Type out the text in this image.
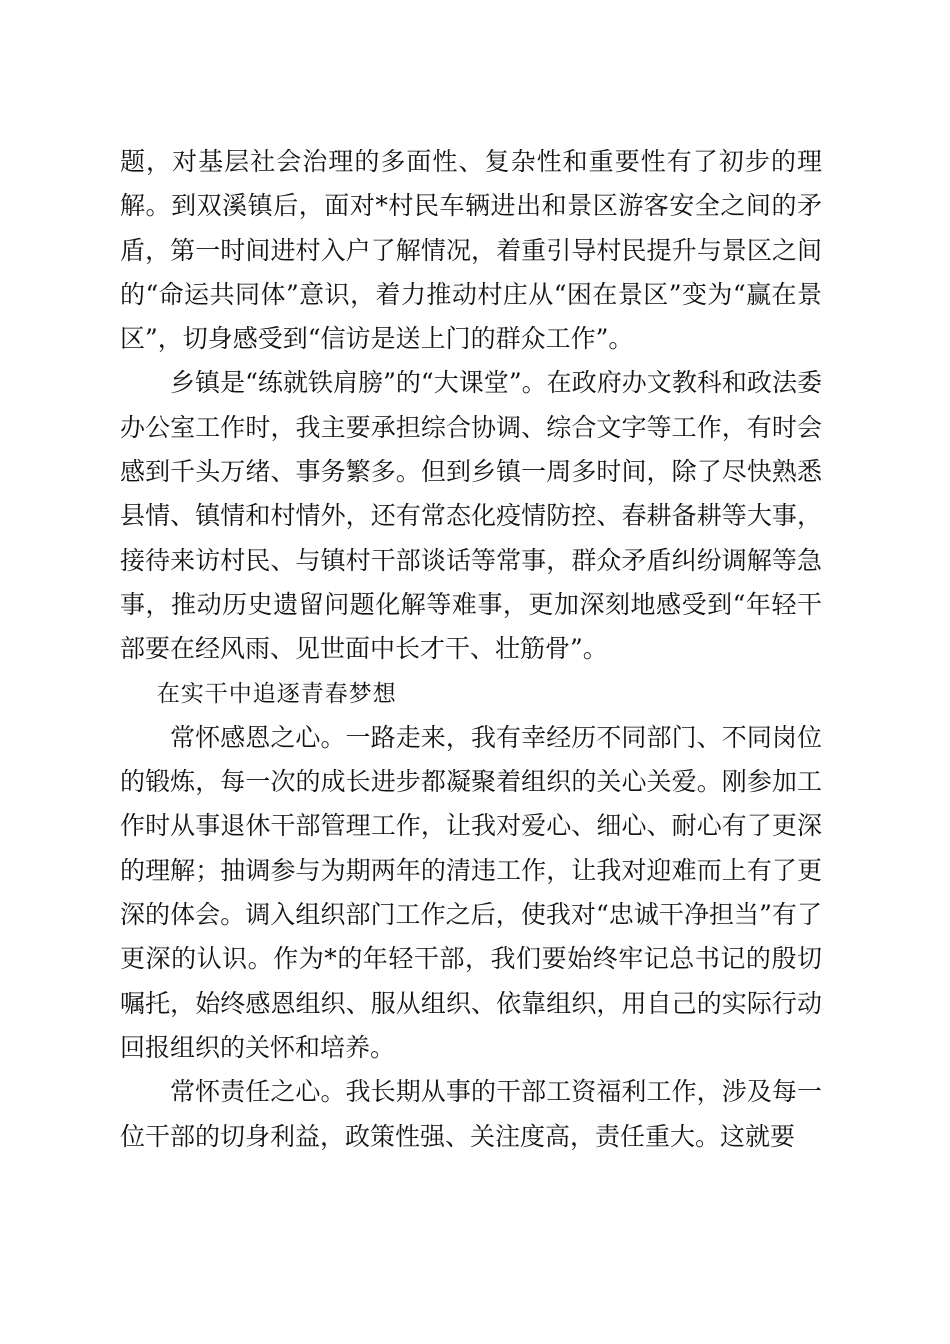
题，对基层社会治理的多面性、复杂性和重要性有了初步的理解。到双溪镇后，面对*村民车辆进出和景区游客安全之间的矛盾，第一时间进村入户了解情况，着重引导村民提升与景区之间的“命运共同体”意识，着力推动村庄从“困在景区”变为“赢在景区”，切身感受到“信访是送上门的群众工作”。

乡镇是“练就铁肩膀”的“大课堂”。在政府办文教科和政法委办公室工作时，我主要承担综合协调、综合文字等工作，有时会感到千头万绪、事务繁多。但到乡镇一周多时间，除了尽快熟悉县情、镇情和村情外，还有常态化疫情防控、春耕备耕等大事，接待来访村民、与镇村干部谈话等常事，群众矛盾纠纷调解等急事，推动历史遗留问题化解等难事，更加深刻地感受到“年轻干部要在经风雨、见世面中长才干、壮筋骨”。

在实干中追逐青春梦想

常怀感恩之心。一路走来，我有幸经历不同部门、不同岗位的锻炼，每一次的成长进步都凝聚着组织的关心关爱。刚参加工作时从事退休干部管理工作，让我对爱心、细心、耐心有了更深的理解；抽调参与为期两年的清违工作，让我对迎难而上有了更深的体会。调入组织部门工作之后，使我对“忠诚干净担当”有了更深的认识。作为*的年轻干部，我们要始终牢记总书记的殷切嘱托，始终感恩组织、服从组织、依靠组织，用自己的实际行动回报组织的关怀和培养。

常怀责任之心。我长期从事的干部工资福利工作，涉及每一位干部的切身利益，政策性强、关注度高，责任重大。这就要
